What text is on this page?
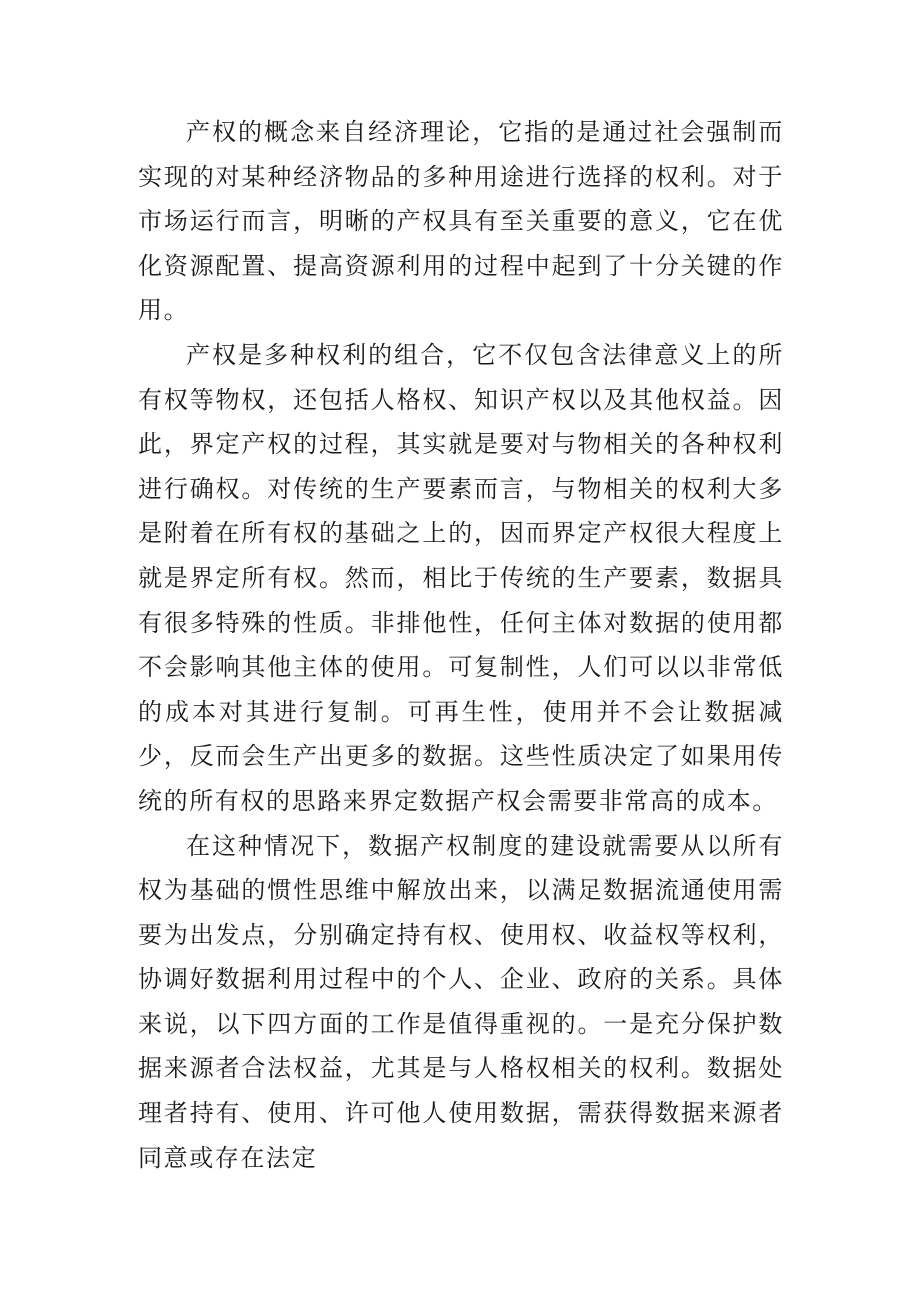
产权的概念来自经济理论，它指的是通过社会强制而实现的对某种经济物品的多种用途进行选择的权利。对于市场运行而言，明晰的产权具有至关重要的意义，它在优化资源配置、提高资源利用的过程中起到了十分关键的作用。

产权是多种权利的组合，它不仅包含法律意义上的所有权等物权，还包括人格权、知识产权以及其他权益。因此，界定产权的过程，其实就是要对与物相关的各种权利进行确权。对传统的生产要素而言，与物相关的权利大多是附着在所有权的基础之上的，因而界定产权很大程度上就是界定所有权。然而，相比于传统的生产要素，数据具有很多特殊的性质。非排他性，任何主体对数据的使用都不会影响其他主体的使用。可复制性，人们可以以非常低的成本对其进行复制。可再生性，使用并不会让数据减少，反而会生产出更多的数据。这些性质决定了如果用传统的所有权的思路来界定数据产权会需要非常高的成本。

在这种情况下，数据产权制度的建设就需要从以所有权为基础的惯性思维中解放出来，以满足数据流通使用需要为出发点，分别确定持有权、使用权、收益权等权利，协调好数据利用过程中的个人、企业、政府的关系。具体来说，以下四方面的工作是值得重视的。一是充分保护数据来源者合法权益，尤其是与人格权相关的权利。数据处理者持有、使用、许可他人使用数据，需获得数据来源者同意或存在法定
